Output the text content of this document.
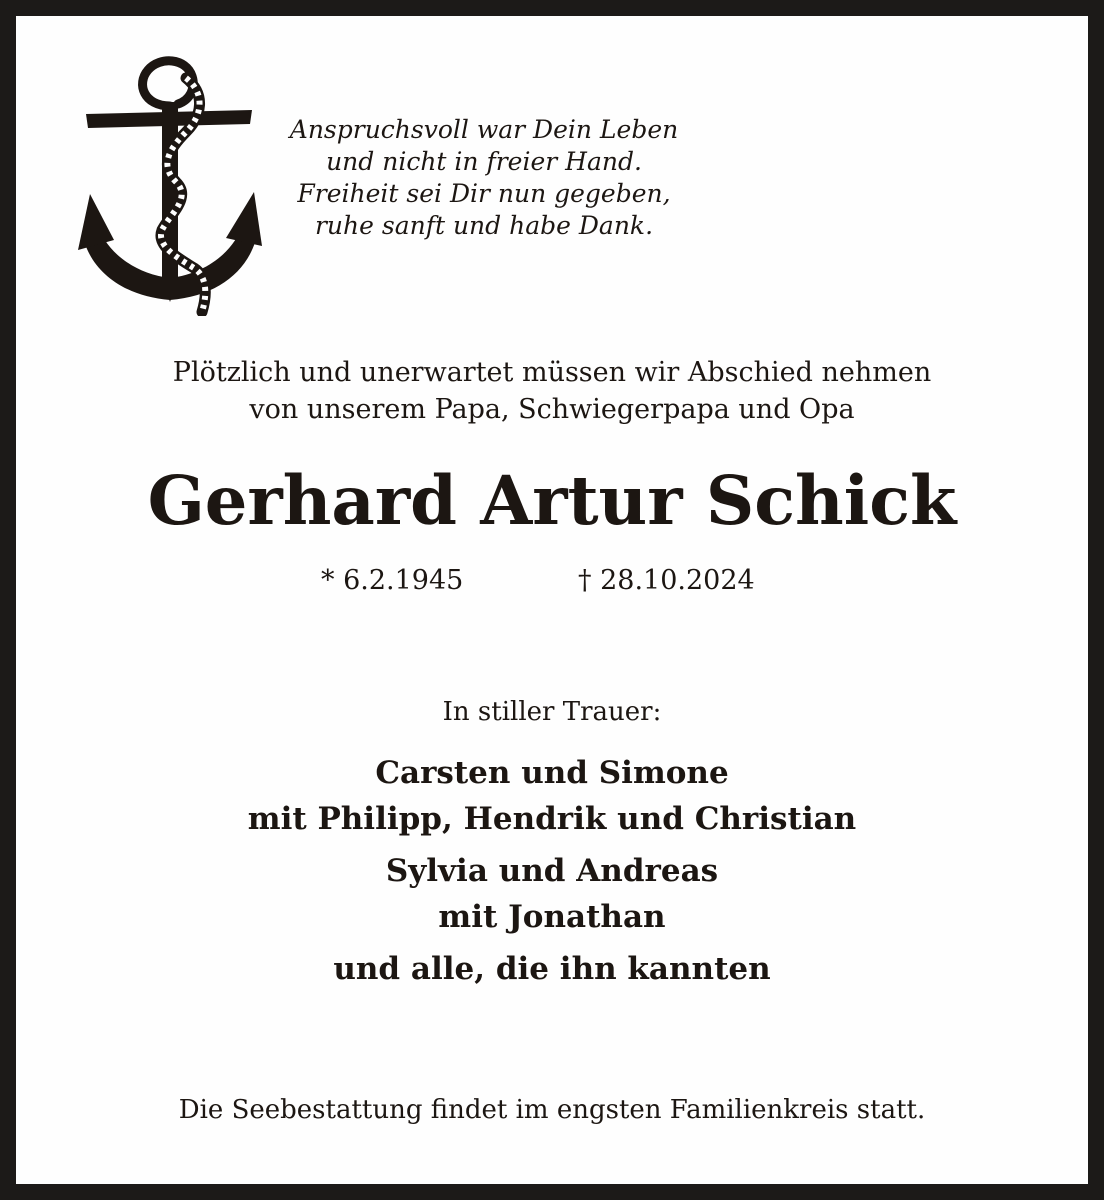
Anspruchsvoll war Dein Leben
und nicht in freier Hand.
Freiheit sei Dir nun gegeben,
ruhe sanft und habe Dank.
Plötzlich und unerwartet müssen wir Abschied nehmen
von unserem Papa, Schwiegerpapa und Opa
Gerhard Artur Schick
* 6.2.1945	† 28.10.2024
In stiller Trauer:
Carsten und Simone
mit Philipp, Hendrik und Christian
Sylvia und Andreas
mit Jonathan
und alle, die ihn kannten
Die Seebestattung findet im engsten Familienkreis statt.
